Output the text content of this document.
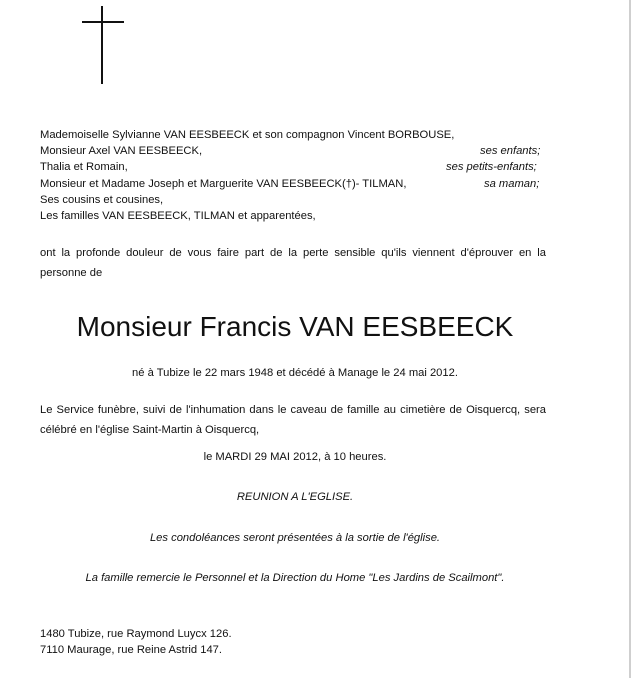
Mademoiselle Sylvianne VAN EESBEECK et son compagnon Vincent BORBOUSE,
Monsieur Axel VAN EESBEECK,	ses enfants;
Thalia et Romain,	ses petits-enfants;
Monsieur et Madame Joseph et Marguerite VAN EESBEECK(†)- TILMAN,	sa maman;
Ses cousins et cousines,
Les familles VAN EESBEECK, TILMAN et apparentées,
ont la profonde douleur de vous faire part de la perte sensible qu'ils viennent d'éprouver en la personne de
Monsieur Francis VAN EESBEECK
né à Tubize le 22 mars 1948 et décédé à Manage le 24 mai 2012.
Le Service funèbre, suivi de l'inhumation dans le caveau de famille au cimetière de Oisquercq, sera célébré en l'église Saint-Martin à Oisquercq,
le MARDI 29 MAI 2012, à 10 heures.
REUNION A L'EGLISE.
Les condoléances seront présentées à la sortie de l'église.
La famille remercie le Personnel et la Direction du Home "Les Jardins de Scailmont".
1480 Tubize, rue Raymond Luycx 126.
7110 Maurage, rue Reine Astrid 147.
